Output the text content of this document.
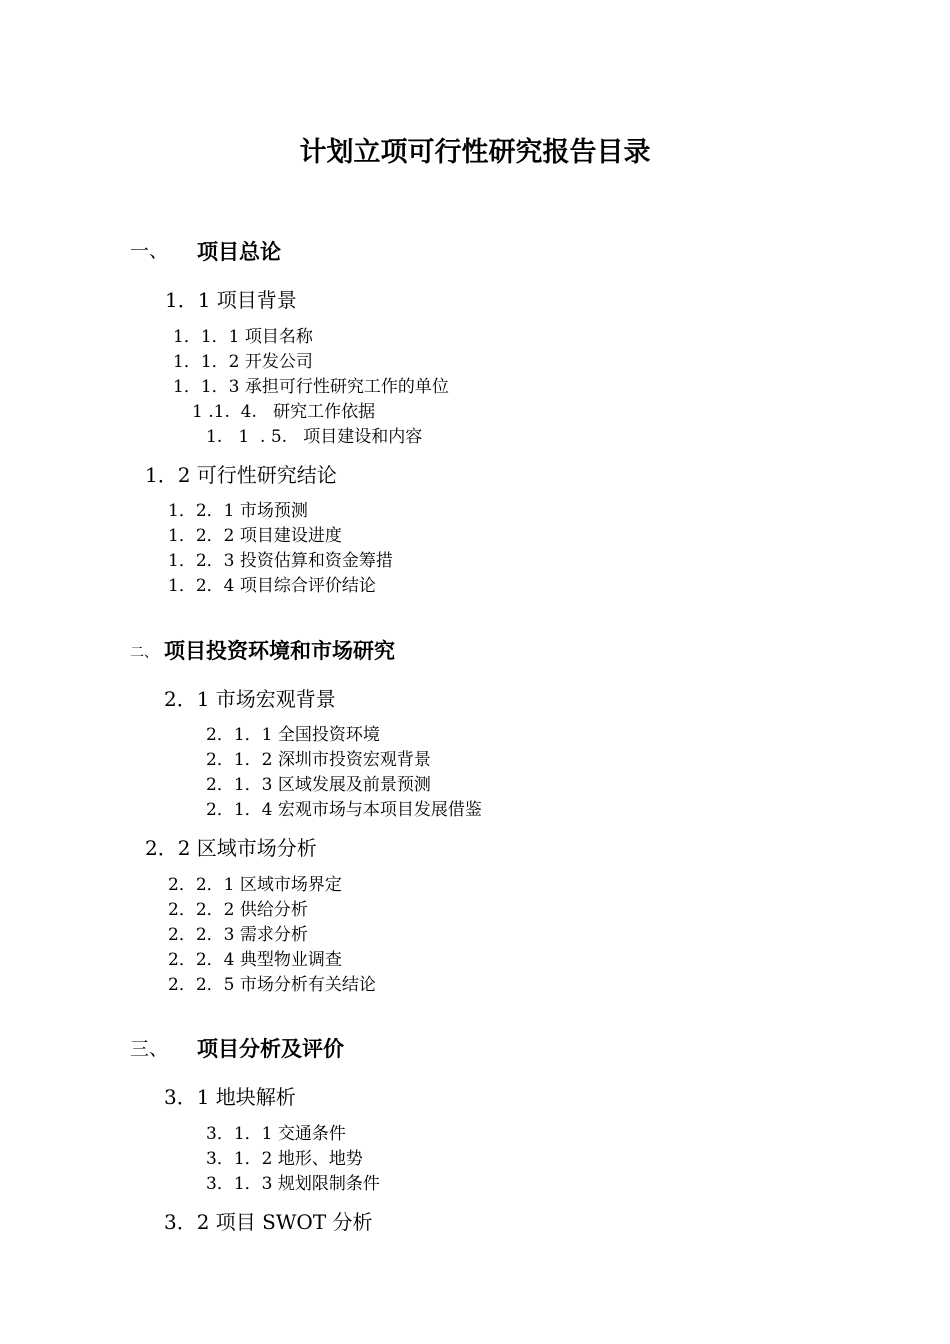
计划立项可行性研究报告目录
一、 项目总论
1．1 项目背景
1．1．1 项目名称
1．1．2 开发公司
1．1．3 承担可行性研究工作的单位
1 .1.  4.   研究工作依据
1.   1  . 5.   项目建设和内容
1．2 可行性研究结论
1．2．1 市场预测
1．2．2 项目建设进度
1．2．3 投资估算和资金筹措
1．2．4 项目综合评价结论
二、 项目投资环境和市场研究
2．1 市场宏观背景
2．1．1 全国投资环境
2．1．2 深圳市投资宏观背景
2．1．3 区域发展及前景预测
2．1．4 宏观市场与本项目发展借鉴
2．2 区域市场分析
2．2．1 区域市场界定
2．2．2 供给分析
2．2．3 需求分析
2．2．4 典型物业调查
2．2．5 市场分析有关结论
三、 项目分析及评价
3．1 地块解析
3．1．1 交通条件
3．1．2 地形、地势
3．1．3 规划限制条件
3．2 项目 SWOT 分析
